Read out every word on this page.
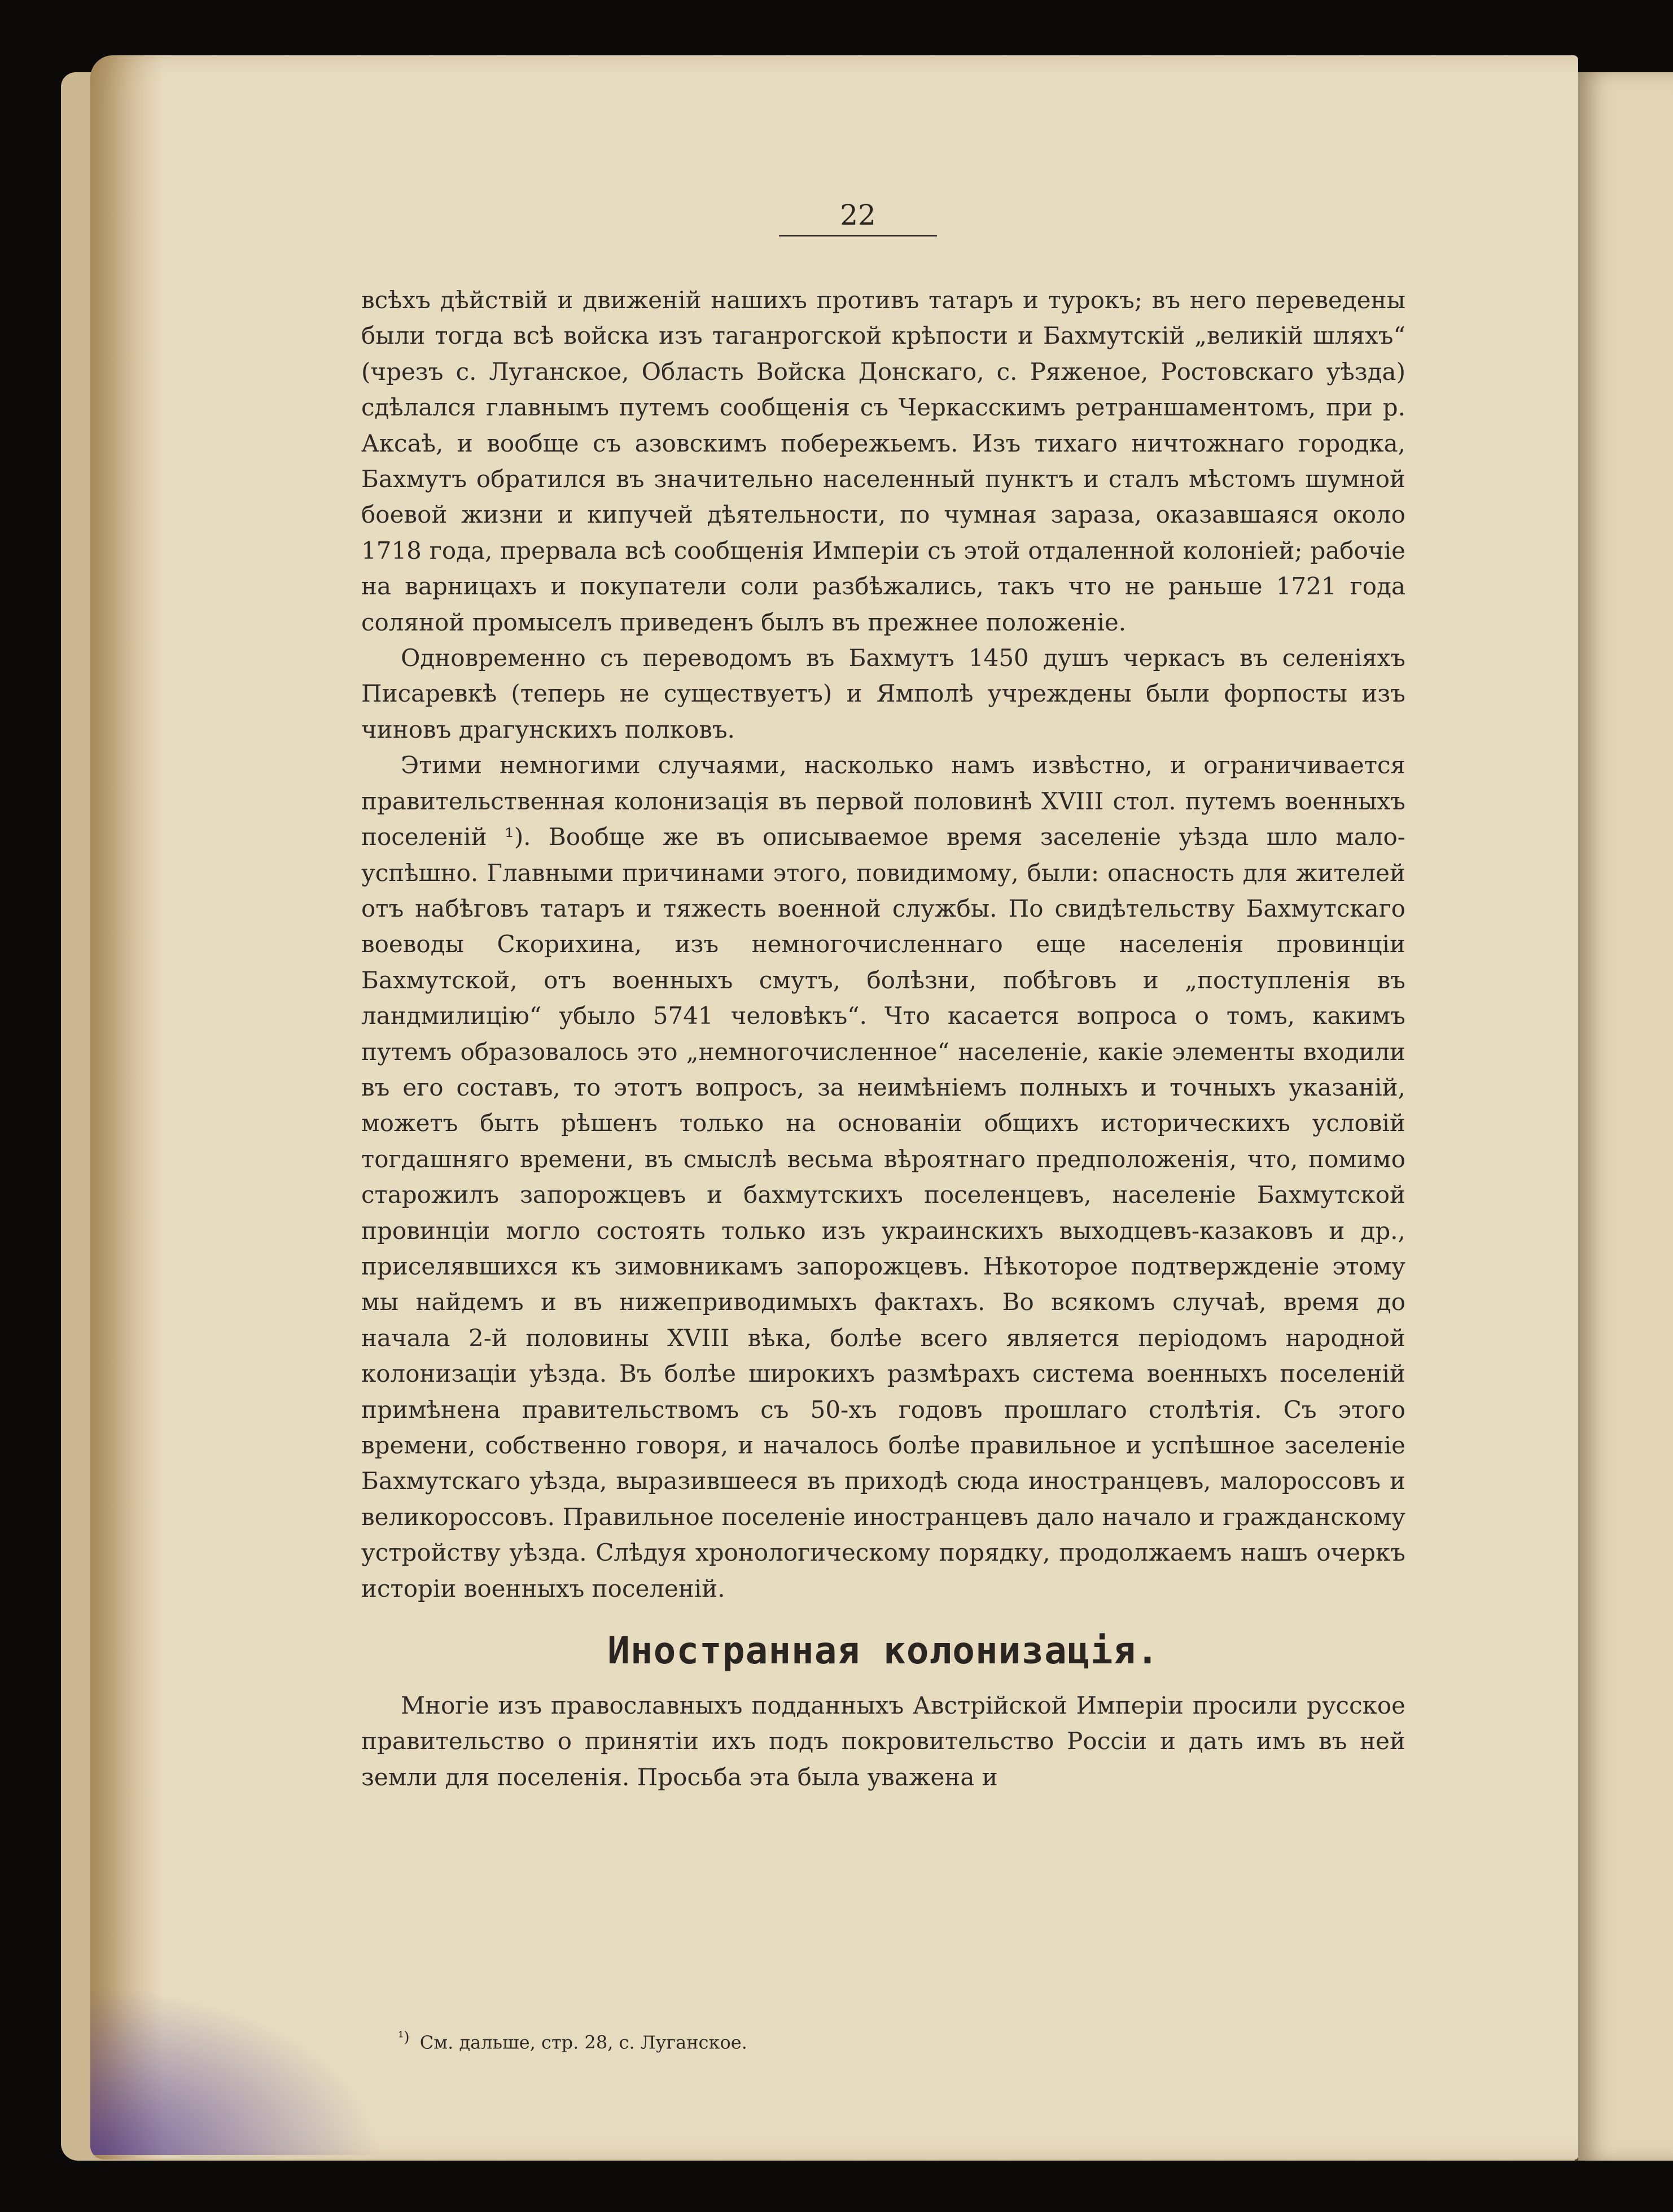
22

всѣхъ дѣйствій и движеній нашихъ противъ татаръ и турокъ; въ него переведены были тогда всѣ войска изъ таганрогской крѣпости и Бахмутскій „великій шляхъ“ (чрезъ с. Луганское, Область Войска Донскаго, с. Ряженое, Ростовскаго уѣзда) сдѣлался главнымъ путемъ сообщенія съ Черкасскимъ ретраншаментомъ, при р. Аксаѣ, и вообще съ азовскимъ побережьемъ. Изъ тихаго ничтожнаго городка, Бахмутъ обратился въ значительно населенный пунктъ и сталъ мѣстомъ шумной боевой жизни и кипучей дѣятельности, по чумная зараза, оказавшаяся около 1718 года, прервала всѣ сообщенія Имперіи съ этой отдаленной колоніей; рабочіе на варницахъ и покупатели соли разбѣжались, такъ что не раньше 1721 года соляной промыселъ приведенъ былъ въ прежнее положеніе.

Одновременно съ переводомъ въ Бахмутъ 1450 душъ черкасъ въ селеніяхъ Писаревкѣ (теперь не существуетъ) и Ямполѣ учреждены были форпосты изъ чиновъ драгунскихъ полковъ.

Этими немногими случаями, насколько намъ извѣстно, и ограничивается правительственная колонизація въ первой половинѣ XVIII стол. путемъ военныхъ поселеній ¹). Вообще же въ описываемое время заселеніе уѣзда шло мало-успѣшно. Главными причинами этого, повидимому, были: опасность для жителей отъ набѣговъ татаръ и тяжесть военной службы. По свидѣтельству Бахмутскаго воеводы Скорихина, изъ немногочисленнаго еще населенія провинціи Бахмутской, отъ военныхъ смутъ, болѣзни, побѣговъ и „поступленія въ ландмилицію“ убыло 5741 человѣкъ“. Что касается вопроса о томъ, какимъ путемъ образовалось это „немногочисленное“ населеніе, какіе элементы входили въ его составъ, то этотъ вопросъ, за неимѣніемъ полныхъ и точныхъ указаній, можетъ быть рѣшенъ только на основаніи общихъ историческихъ условій тогдашняго времени, въ смыслѣ весьма вѣроятнаго предположенія, что, помимо старожилъ запорожцевъ и бахмутскихъ поселенцевъ, населеніе Бахмутской провинціи могло состоять только изъ украинскихъ выходцевъ-казаковъ и др., приселявшихся къ зимовникамъ запорожцевъ. Нѣкоторое подтвержденіе этому мы найдемъ и въ нижеприводимыхъ фактахъ. Во всякомъ случаѣ, время до начала 2-й половины XVIII вѣка, болѣе всего является періодомъ народной колонизаціи уѣзда. Въ болѣе широкихъ размѣрахъ система военныхъ поселеній примѣнена правительствомъ съ 50-хъ годовъ прошлаго столѣтія. Съ этого времени, собственно говоря, и началось болѣе правильное и успѣшное заселеніе Бахмутскаго уѣзда, выразившееся въ приходѣ сюда иностранцевъ, малороссовъ и великороссовъ. Правильное поселеніе иностранцевъ дало начало и гражданскому устройству уѣзда. Слѣдуя хронологическому порядку, продолжаемъ нашъ очеркъ исторіи военныхъ поселеній.

Иностранная колонизація.

Многіе изъ православныхъ подданныхъ Австрійской Имперіи просили русское правительство о принятіи ихъ подъ покровительство Россіи и дать имъ въ ней земли для поселенія. Просьба эта была уважена и

$^{^1)}$ См. дальше, стр. 28, с. Луганское.
